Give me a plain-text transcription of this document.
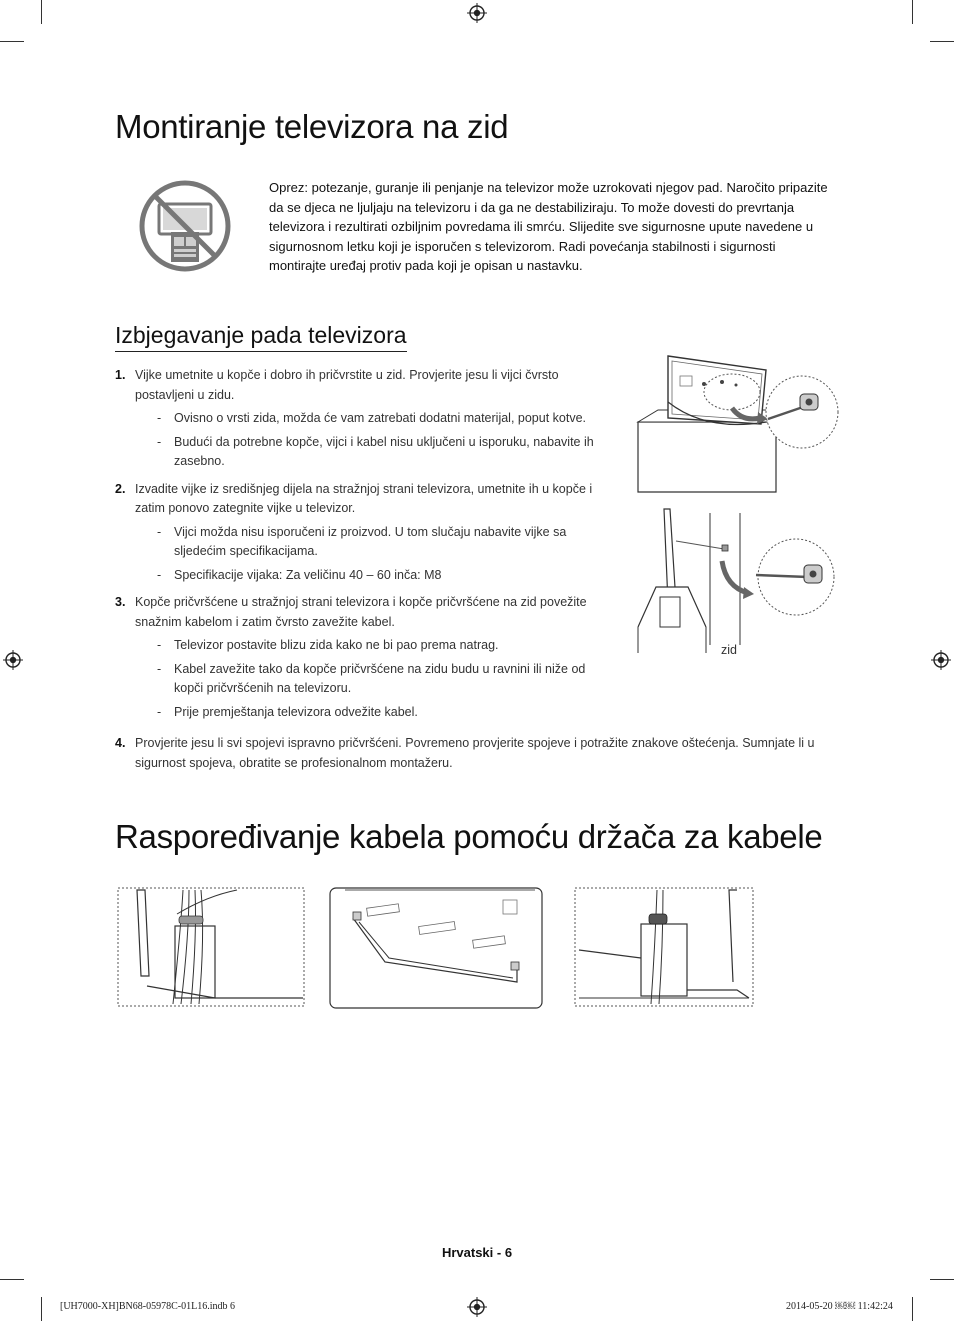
Montiranje televizora na zid
Oprez: potezanje, guranje ili penjanje na televizor može uzrokovati njegov pad. Naročito pripazite da se djeca ne ljuljaju na televizoru i da ga ne destabiliziraju. To može dovesti do prevrtanja televizora i rezultirati ozbiljnim povredama ili smrću. Slijedite sve sigurnosne upute navedene u sigurnosnom letku koji je isporučen s televizorom. Radi povećanja stabilnosti i sigurnosti montirajte uređaj protiv pada koji je opisan u nastavku.
Izbjegavanje pada televizora
1. Vijke umetnite u kopče i dobro ih pričvrstite u zid. Provjerite jesu li vijci čvrsto postavljeni u zidu.
- Ovisno o vrsti zida, možda će vam zatrebati dodatni materijal, poput kotve.
- Budući da potrebne kopče, vijci i kabel nisu uključeni u isporuku, nabavite ih zasebno.
2. Izvadite vijke iz središnjeg dijela na stražnjoj strani televizora, umetnite ih u kopče i zatim ponovo zategnite vijke u televizor.
- Vijci možda nisu isporučeni iz proizvod. U tom slučaju nabavite vijke sa sljedećim specifikacijama.
- Specifikacije vijaka: Za veličinu 40 – 60 inča: M8
3. Kopče pričvršćene u stražnjoj strani televizora i kopče pričvršćene na zid povežite snažnim kabelom i zatim čvrsto zavežite kabel.
- Televizor postavite blizu zida kako ne bi pao prema natrag.
- Kabel zavežite tako da kopče pričvršćene na zidu budu u ravnini ili niže od kopči pričvršćenih na televizoru.
- Prije premještanja televizora odvežite kabel.
4. Provjerite jesu li svi spojevi ispravno pričvršćeni. Povremeno provjerite spojeve i potražite znakove oštećenja. Sumnjate li u sigurnost spojeva, obratite se profesionalnom montažeru.
zid
Raspoređivanje kabela pomoću držača za kabele
Hrvatski - 6
[UH7000-XH]BN68-05978C-01L16.indb 6	2014-05-20 ￼￼ 11:42:24
